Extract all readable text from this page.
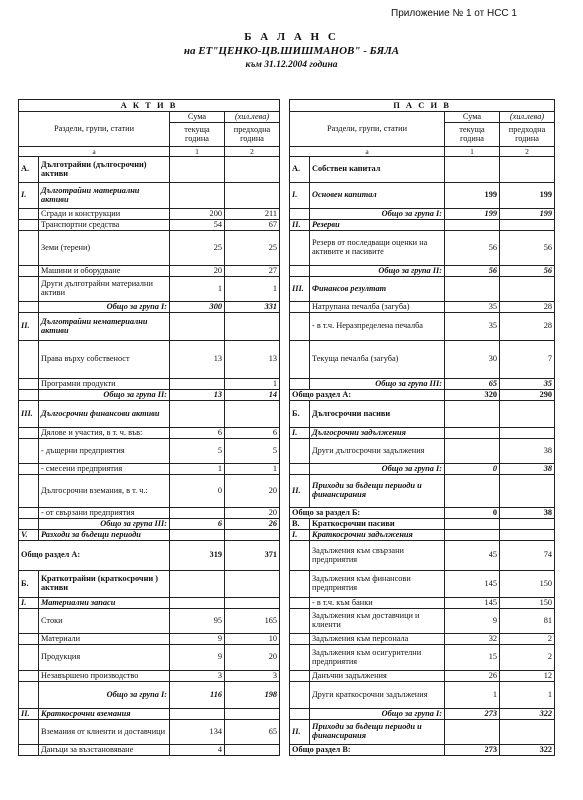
Приложение № 1 от НСС 1
Б А Л А Н С
на ЕТ"ЦЕНКО-ЦВ.ШИШМАНОВ" - БЯЛА
към 31.12.2004 година
А К Т И В			
Раздели, групи, статии		Сума	(хил.лева)
		текуща година	предходна година
а		1	2
А.	Дълготрайни (дългосрочни) активи		
I.	Дълготрайни материални активи		
	Сгради и конструкции	200	211
	Транспортни средства	54	67
	Земи (терени)	25	25
	Машини и оборудване	20	27
	Други дълготрайни материални активи	1	1
	Общо за група I:	300	331
II.	Дълготрайни нематериални активи		
	Права върху собственост	13	13
	Програмни продукти		1
	Общо за група II:	13	14
III.	Дългосрочни финансови активи		
	Дялове и участия, в т. ч. във:	6	6
	- дъщерни предприятия	5	5
	- смесени предприятия	1	1
	Дългосрочни вземания, в т. ч.:	0	20
	- от свързани предприятия		20
	Общо за група III:	6	26
V.	Разходи за бъдещи периоди		
Общо раздел А:		319	371
Б.	Краткотрайни (краткосрочни ) активи		
I.	Материални запаси		
	Стоки	95	165
	Материали	9	10
	Продукция	9	20
	Незавършено производство	3	3
	Общо за група I:	116	198
II.	Краткосрочни вземания		
	Вземания от клиенти и доставчици	134	65
	Данъци за възстановяване	4	
П А С И В			
Раздели, групи, статии		Сума	(хил.лева)
		текуща година	предходна година
а		1	2
А.	Собствен капитал		
I.	Основен капитал	199	199
	Общо за група I:	199	199
II.	Резерви		
	Резерв от последващи оценки на активите и пасивите	56	56
	Общо за група II:	56	56
III.	Финансов резултат		
	Натрупана печалба (загуба)	35	28
	- в т.ч. Неразпределена печалба	35	28
	Текуща печалба (загуба)	30	7
	Общо за група III:	65	35
Общо раздел А:		320	290
Б.	Дългосрочни пасиви		
I.	Дългосрочни задължения		
	Други дългосрочни задължения		38
	Общо за група I:	0	38
II.	Приходи за бъдещи периоди и финансирания		
Общо за раздел Б:		0	38
В.	Краткосрочни пасиви		
I.	Краткосрочни задължения		
	Задължения към свързани предприятия	45	74
	Задължения към финансови предприятия	145	150
	- в т.ч. към банки	145	150
	Задължения към доставчици и клиенти	9	81
	Задължения към персонала	32	2
	Задължения към осигурителни предприятия	15	2
	Данъчни задължения	26	12
	Други краткосрочни задължения	1	1
	Общо за група I:	273	322
II.	Приходи за бъдещи периоди и финансирания		
Общо раздел В:		273	322
